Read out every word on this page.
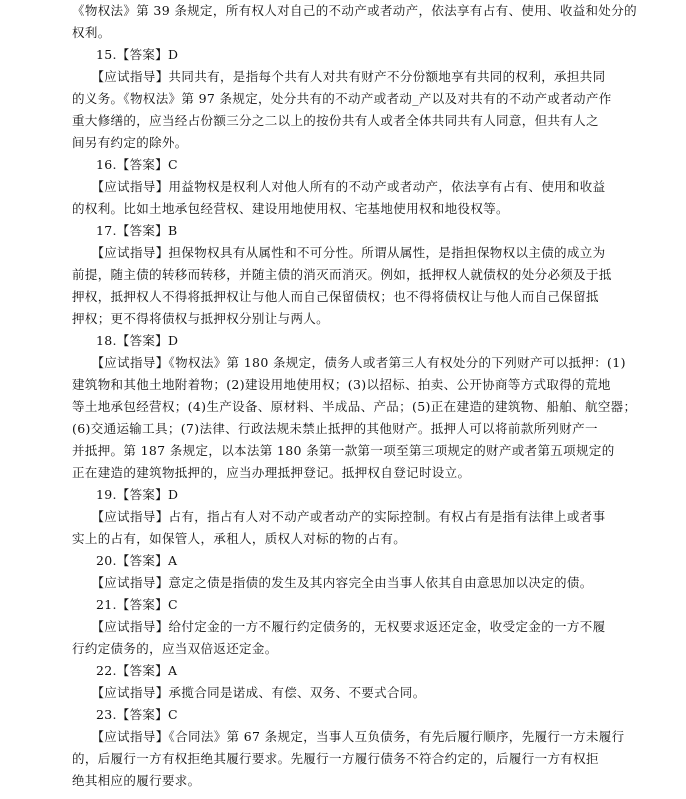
《物权法》第 39 条规定，所有权人对自己的不动产或者动产，依法享有占有、使用、收益和处分的
权利。
15.【答案】D
　　【应试指导】共同共有，是指每个共有人对共有财产不分份额地享有共同的权利，承担共同
的义务。《物权法》第 97 条规定，处分共有的不动产或者动_产以及对共有的不动产或者动产作
重大修缮的，应当经占份额三分之二以上的按份共有人或者全体共同共有人同意，但共有人之
间另有约定的除外。
16.【答案】C
　　【应试指导】用益物权是权利人对他人所有的不动产或者动产，依法享有占有、使用和收益
的权利。比如土地承包经营权、建设用地使用权、宅基地使用权和地役权等。
17.【答案】B
　　【应试指导】担保物权具有从属性和不可分性。所谓从属性，是指担保物权以主债的成立为
前提，随主债的转移而转移，并随主债的消灭而消灭。例如，抵押权人就债权的处分必须及于抵
押权，抵押权人不得将抵押权让与他人而自己保留债权；也不得将债权让与他人而自己保留抵
押权；更不得将债权与抵押权分别让与两人。
18.【答案】D
　　【应试指导】《物权法》第 180 条规定，债务人或者第三人有权处分的下列财产可以抵押：(1)
建筑物和其他土地附着物；(2)建设用地使用权；(3)以招标、拍卖、公开协商等方式取得的荒地
等土地承包经营权；(4)生产设备、原材料、半成品、产品；(5)正在建造的建筑物、船舶、航空器；
(6)交通运输工具；(7)法律、行政法规未禁止抵押的其他财产。抵押人可以将前款所列财产一
并抵押。第 187 条规定，以本法第 180 条第一款第一项至第三项规定的财产或者第五项规定的
正在建造的建筑物抵押的，应当办理抵押登记。抵押权自登记时设立。
19.【答案】D
　　【应试指导】占有，指占有人对不动产或者动产的实际控制。有权占有是指有法律上或者事
实上的占有，如保管人，承租人，质权人对标的物的占有。
20.【答案】A
　　【应试指导】意定之债是指债的发生及其内容完全由当事人依其自由意思加以决定的债。
21.【答案】C
　　【应试指导】给付定金的一方不履行约定债务的，无权要求返还定金，收受定金的一方不履
行约定债务的，应当双倍返还定金。
22.【答案】A
　　【应试指导】承揽合同是诺成、有偿、双务、不要式合同。
23.【答案】C
　　【应试指导】《合同法》第 67 条规定，当事人互负债务，有先后履行顺序，先履行一方未履行
的，后履行一方有权拒绝其履行要求。先履行一方履行债务不符合约定的，后履行一方有权拒
绝其相应的履行要求。
